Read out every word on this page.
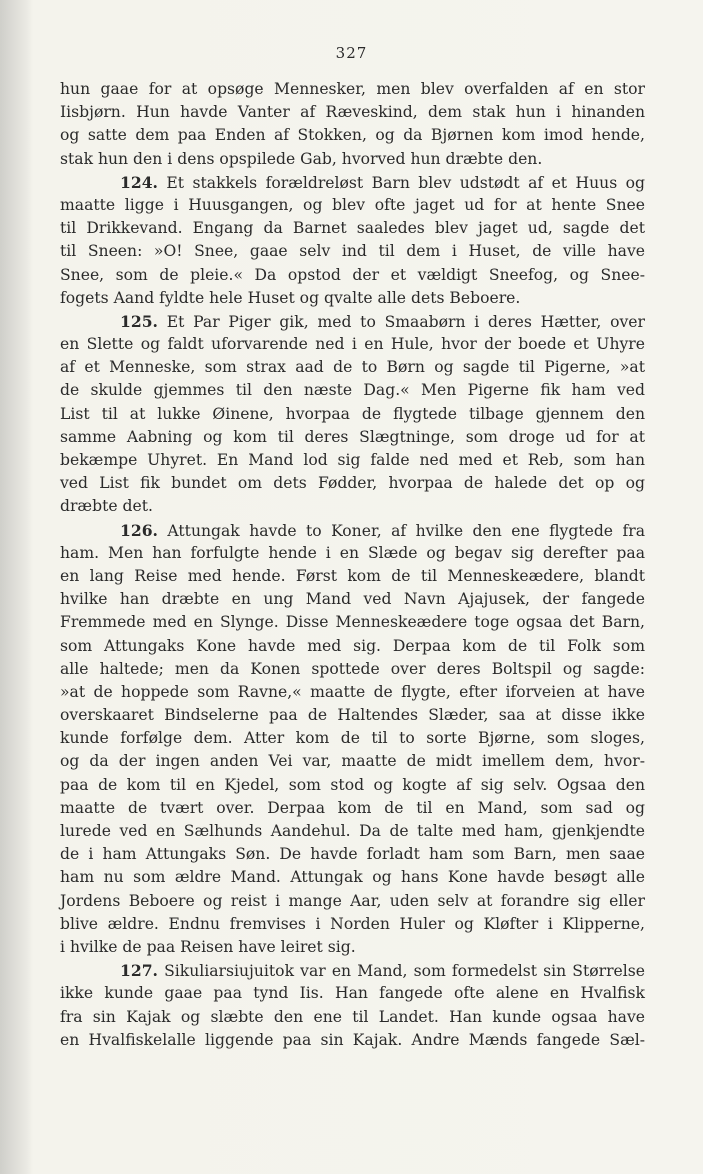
327
hun gaae for at opsøge Mennesker, men blev overfalden af en stor
Iisbjørn. Hun havde Vanter af Ræveskind, dem stak hun i hinanden
og satte dem paa Enden af Stokken, og da Bjørnen kom imod hende,
stak hun den i dens opspilede Gab, hvorved hun dræbte den.
124. Et stakkels forældreløst Barn blev udstødt af et Huus og
maatte ligge i Huusgangen, og blev ofte jaget ud for at hente Snee
til Drikkevand. Engang da Barnet saaledes blev jaget ud, sagde det
til Sneen: »O! Snee, gaae selv ind til dem i Huset, de ville have
Snee, som de pleie.« Da opstod der et vældigt Sneefog, og Snee-
fogets Aand fyldte hele Huset og qvalte alle dets Beboere.
125. Et Par Piger gik, med to Smaabørn i deres Hætter, over
en Slette og faldt uforvarende ned i en Hule, hvor der boede et Uhyre
af et Menneske, som strax aad de to Børn og sagde til Pigerne, »at
de skulde gjemmes til den næste Dag.« Men Pigerne fik ham ved
List til at lukke Øinene, hvorpaa de flygtede tilbage gjennem den
samme Aabning og kom til deres Slægtninge, som droge ud for at
bekæmpe Uhyret. En Mand lod sig falde ned med et Reb, som han
ved List fik bundet om dets Fødder, hvorpaa de halede det op og
dræbte det.
126. Attungak havde to Koner, af hvilke den ene flygtede fra
ham. Men han forfulgte hende i en Slæde og begav sig derefter paa
en lang Reise med hende. Først kom de til Menneskeædere, blandt
hvilke han dræbte en ung Mand ved Navn Ajajusek, der fangede
Fremmede med en Slynge. Disse Menneskeædere toge ogsaa det Barn,
som Attungaks Kone havde med sig. Derpaa kom de til Folk som
alle haltede; men da Konen spottede over deres Boltspil og sagde:
»at de hoppede som Ravne,« maatte de flygte, efter iforveien at have
overskaaret Bindselerne paa de Haltendes Slæder, saa at disse ikke
kunde forfølge dem. Atter kom de til to sorte Bjørne, som sloges,
og da der ingen anden Vei var, maatte de midt imellem dem, hvor-
paa de kom til en Kjedel, som stod og kogte af sig selv. Ogsaa den
maatte de tvært over. Derpaa kom de til en Mand, som sad og
lurede ved en Sælhunds Aandehul. Da de talte med ham, gjenkjendte
de i ham Attungaks Søn. De havde forladt ham som Barn, men saae
ham nu som ældre Mand. Attungak og hans Kone havde besøgt alle
Jordens Beboere og reist i mange Aar, uden selv at forandre sig eller
blive ældre. Endnu fremvises i Norden Huler og Kløfter i Klipperne,
i hvilke de paa Reisen have leiret sig.
127. Sikuliarsiujuitok var en Mand, som formedelst sin Størrelse
ikke kunde gaae paa tynd Iis. Han fangede ofte alene en Hvalfisk
fra sin Kajak og slæbte den ene til Landet. Han kunde ogsaa have
en Hvalfiskelalle liggende paa sin Kajak. Andre Mænds fangede Sæl-
